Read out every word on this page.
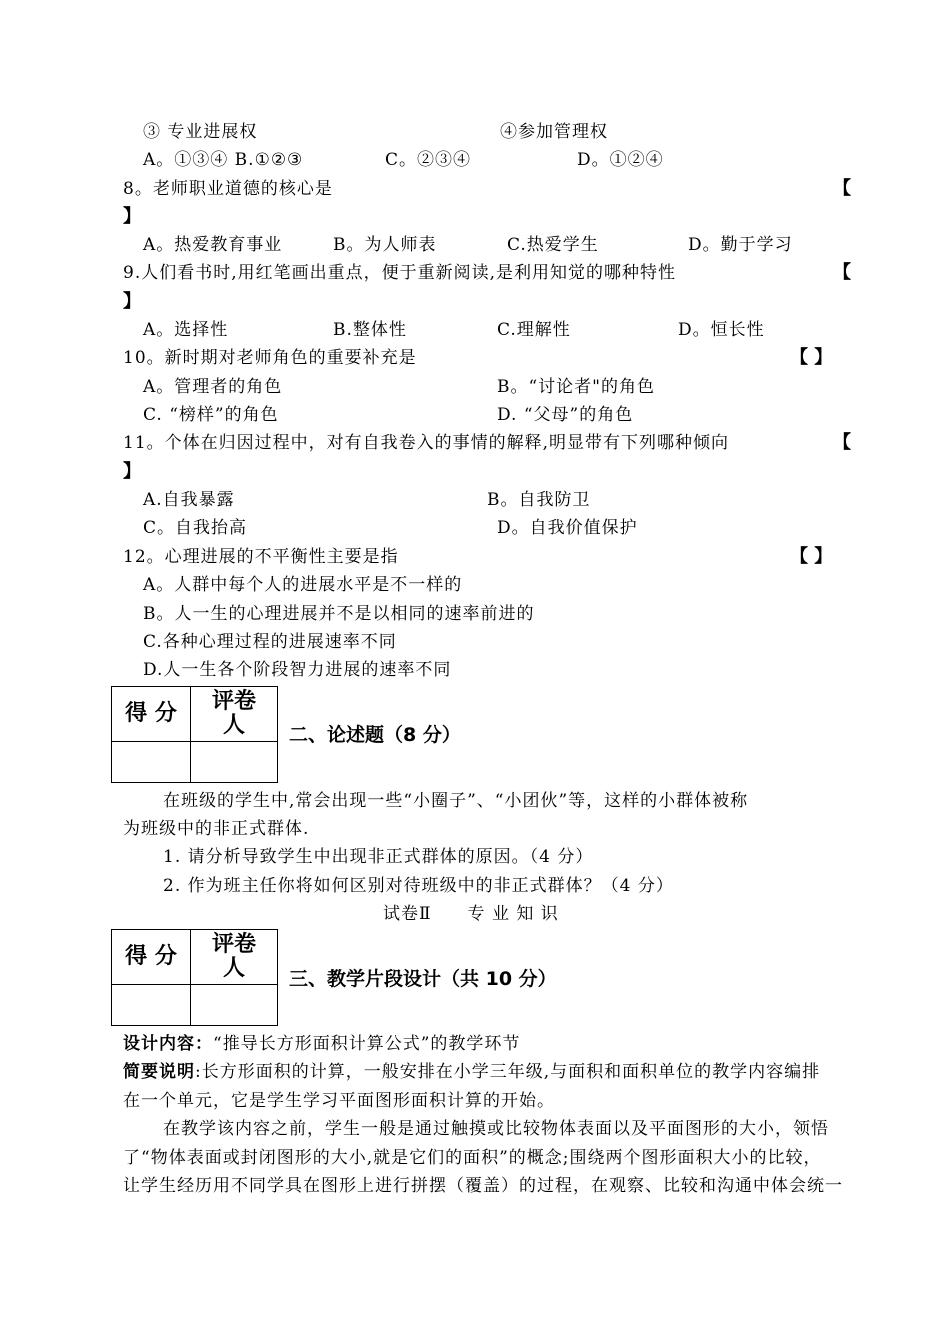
③ 专业进展权	④参加管理权
A。①③④ B.①②③	C。②③④	D。①②④
8。老师职业道德的核心是	【
】
A。热爱教育事业	B。为人师表	C.热爱学生	D。勤于学习
9.人们看书时,用红笔画出重点，便于重新阅读,是利用知觉的哪种特性	【
】
A。选择性	B.整体性	C.理解性	D。恒长性
10。新时期对老师角色的重要补充是	【 】
A。管理者的角色	B。“讨论者"的角色
C. “榜样”的角色	D. “父母”的角色
11。个体在归因过程中，对有自我卷入的事情的解释,明显带有下列哪种倾向	【
】
A.自我暴露	B。自我防卫
C。自我抬高	D。自我价值保护
12。心理进展的不平衡性主要是指	【 】
A。人群中每个人的进展水平是不一样的
B。人一生的心理进展并不是以相同的速率前进的
C.各种心理过程的进展速率不同
D.人一生各个阶段智力进展的速率不同
得 分	评卷
人

		二、论述题（8 分）
在班级的学生中,常会出现一些“小圈子”、“小团伙”等，这样的小群体被称
为班级中的非正式群体.
1. 请分析导致学生中出现非正式群体的原因。（4 分）
2. 作为班主任你将如何区别对待班级中的非正式群体？（4 分）
试卷Ⅱ　　专 业 知 识
得 分	评卷
人

		三、教学片段设计（共 10 分）
设计内容：“推导长方形面积计算公式”的教学环节
简要说明:长方形面积的计算，一般安排在小学三年级,与面积和面积单位的教学内容编排
在一个单元，它是学生学习平面图形面积计算的开始。
在教学该内容之前，学生一般是通过触摸或比较物体表面以及平面图形的大小，领悟
了“物体表面或封闭图形的大小,就是它们的面积”的概念;围绕两个图形面积大小的比较，
让学生经历用不同学具在图形上进行拼摆（覆盖）的过程，在观察、比较和沟通中体会统一
